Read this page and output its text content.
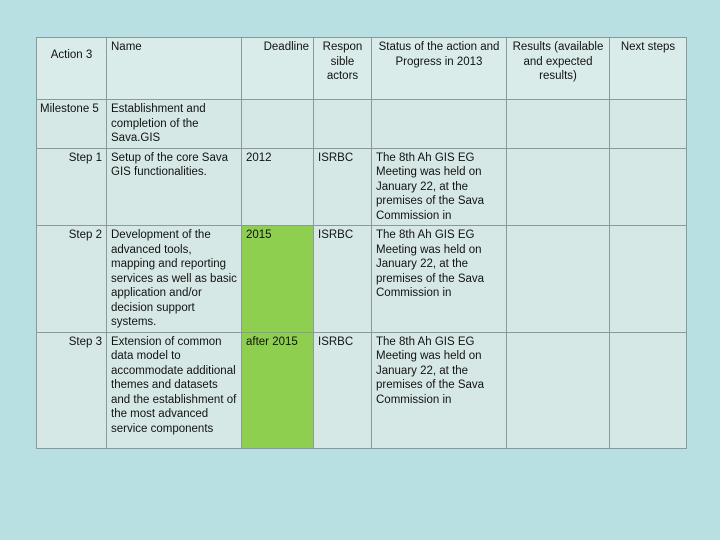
Action 3	Name	Deadline	Respon sible actors	Status of the action and Progress in 2013	Results (available and expected results)	Next steps
Milestone 5	Establishment and completion of the Sava.GIS					
Step 1	Setup of the core Sava GIS functionalities.	2012	ISRBC	The 8th Ah GIS EG Meeting was held on January 22, at the premises of the Sava Commission in		
Step 2	Development of the advanced tools, mapping and reporting services as well as basic application and/or decision support systems.	2015	ISRBC	The 8th Ah GIS EG Meeting was held on January 22, at the premises of the Sava Commission in		
Step 3	Extension of common data model to accommodate additional themes and datasets and the establishment of the most advanced service components	after 2015	ISRBC	The 8th Ah GIS EG Meeting was held on January 22, at the premises of the Sava Commission in		
